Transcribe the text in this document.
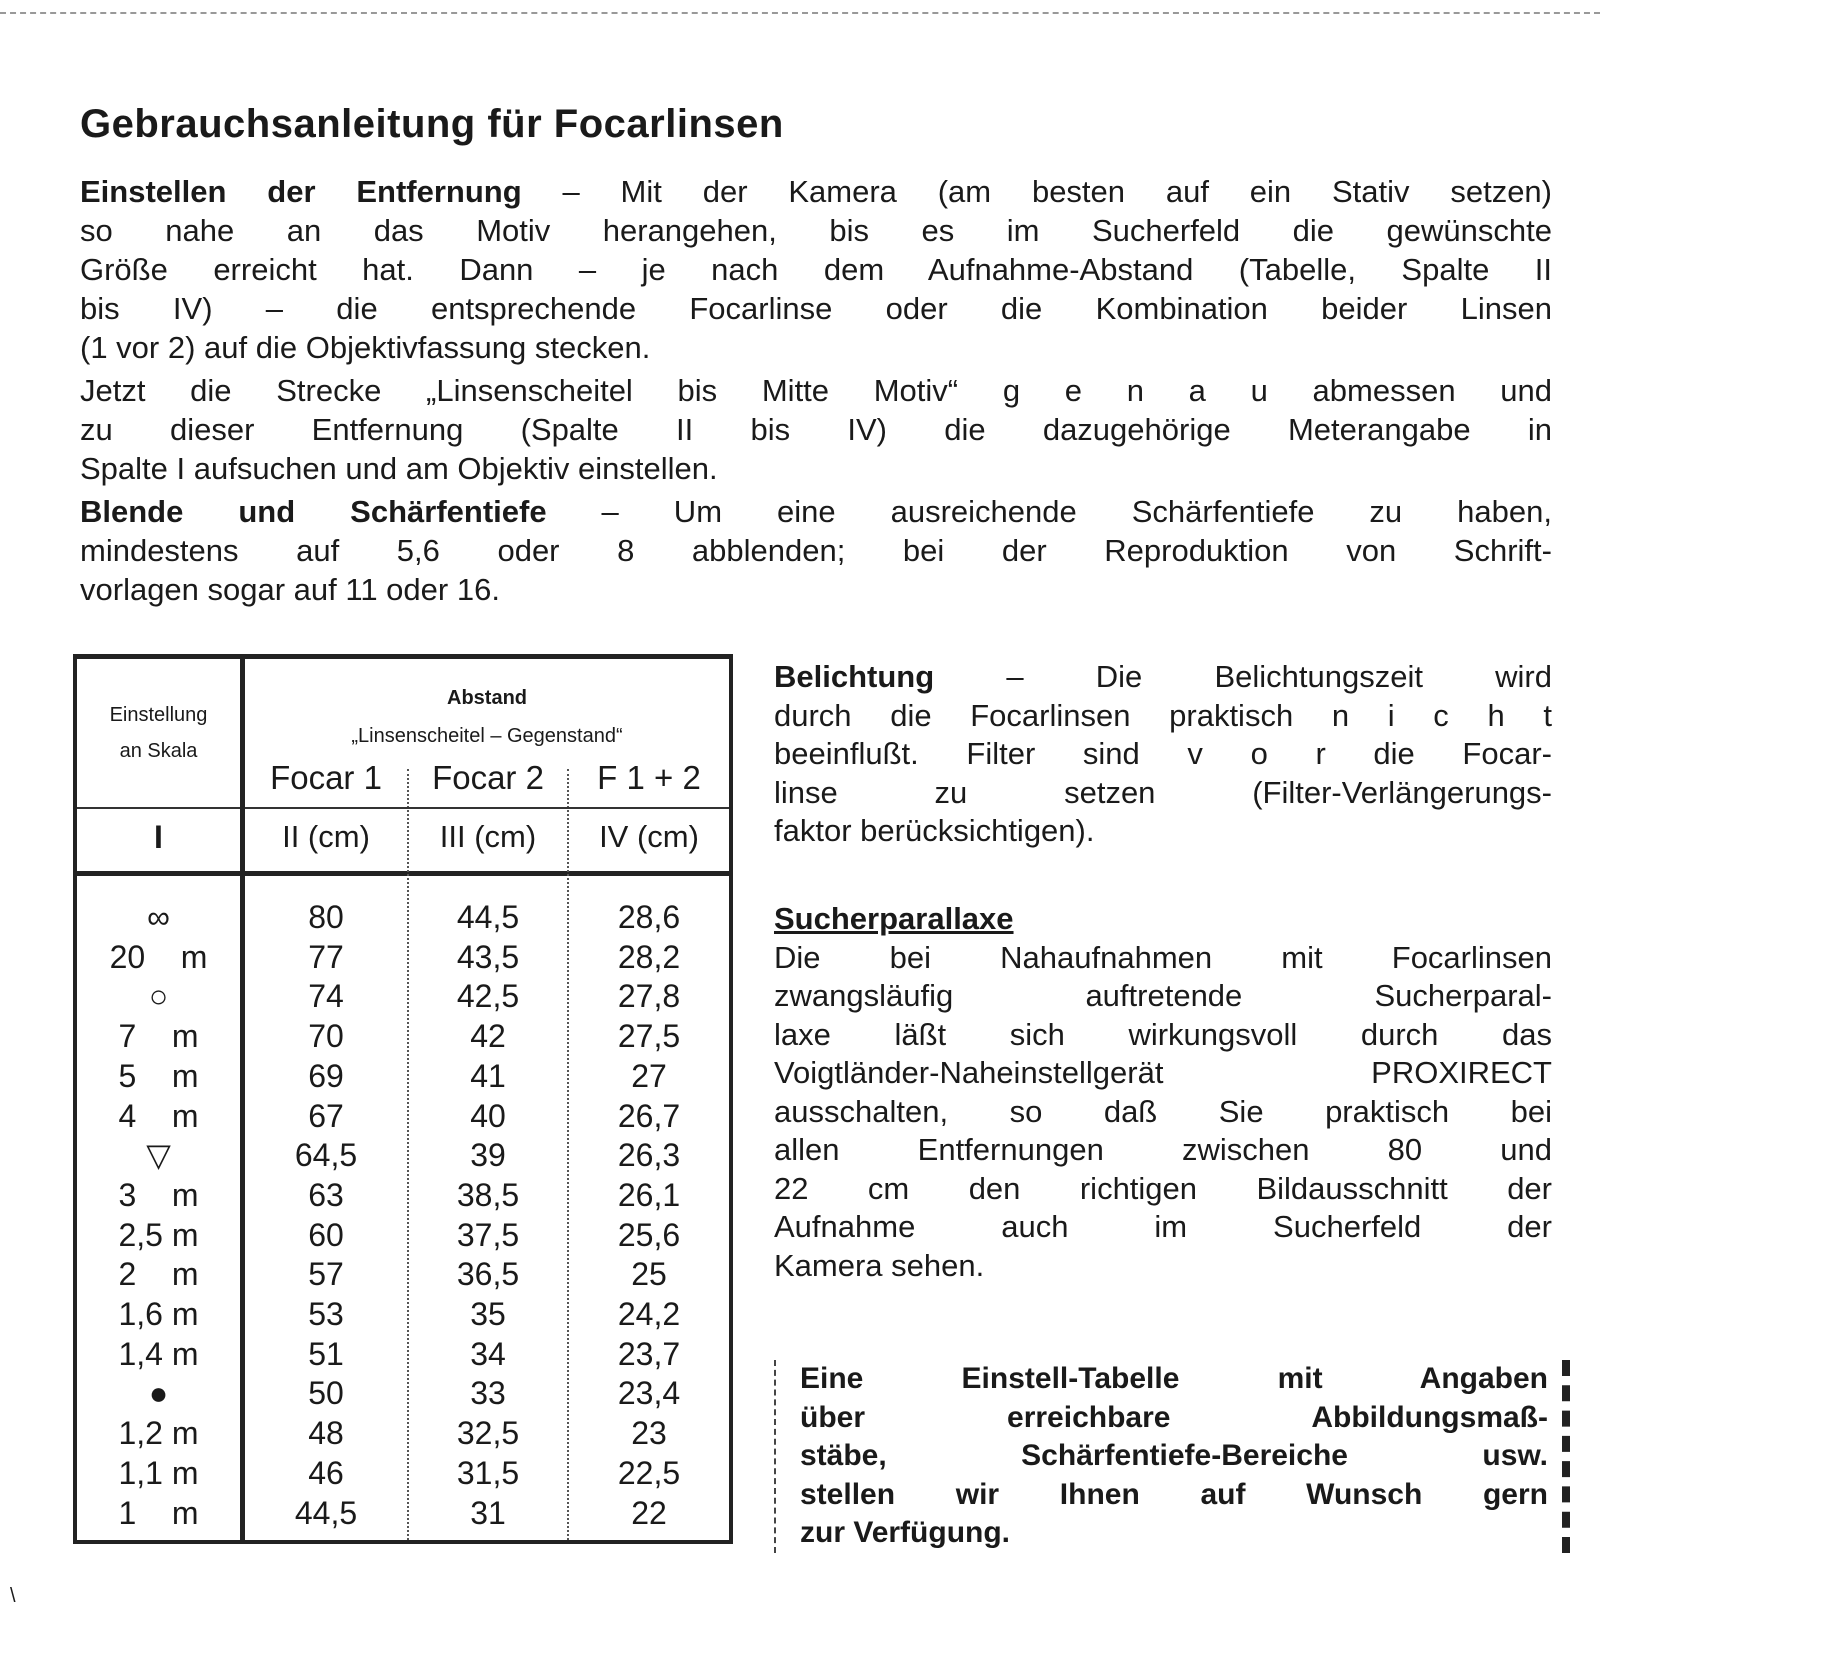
Gebrauchsanleitung für Focarlinsen
Einstellen der Entfernung – Mit der Kamera (am besten auf ein Stativ setzen)
so nahe an das Motiv herangehen, bis es im Sucherfeld die gewünschte
Größe erreicht hat. Dann – je nach dem Aufnahme-Abstand (Tabelle, Spalte II
bis IV) – die entsprechende Focarlinse oder die Kombination beider Linsen
(1 vor 2) auf die Objektivfassung stecken.
Jetzt die Strecke „Linsenscheitel bis Mitte Motiv“ g e n a u abmessen und
zu dieser Entfernung (Spalte II bis IV) die dazugehörige Meterangabe in
Spalte I aufsuchen und am Objektiv einstellen.
Blende und Schärfentiefe – Um eine ausreichende Schärfentiefe zu haben,
mindestens auf 5,6 oder 8 abblenden; bei der Reproduktion von Schrift-
vorlagen sogar auf 11 oder 16.
Einstellung
an Skala
Abstand
„Linsenscheitel – Gegenstand“
Focar 1	Focar 2	F 1 + 2
I	II (cm)	III (cm)	IV (cm)
∞	80	44,5	28,6
20    m	77	43,5	28,2
○	74	42,5	27,8
7    m	70	42	27,5
5    m	69	41	27
4    m	67	40	26,7
▽	64,5	39	26,3
3    m	63	38,5	26,1
2,5 m	60	37,5	25,6
2    m	57	36,5	25
1,6 m	53	35	24,2
1,4 m	51	34	23,7
●	50	33	23,4
1,2 m	48	32,5	23
1,1 m	46	31,5	22,5
1    m	44,5	31	22
Belichtung – Die Belichtungszeit wird
durch die Focarlinsen praktisch n i c h t
beeinflußt. Filter sind v o r die Focar-
linse zu setzen (Filter-Verlängerungs-
faktor berücksichtigen).
Sucherparallaxe
Die bei Nahaufnahmen mit Focarlinsen
zwangsläufig auftretende Sucherparal-
laxe läßt sich wirkungsvoll durch das
Voigtländer-Naheinstellgerät PROXIRECT
ausschalten, so daß Sie praktisch bei
allen Entfernungen zwischen 80 und
22 cm den richtigen Bildausschnitt der
Aufnahme auch im Sucherfeld der
Kamera sehen.
Eine Einstell-Tabelle mit Angaben
über erreichbare Abbildungsmaß-
stäbe, Schärfentiefe-Bereiche usw.
stellen wir Ihnen auf Wunsch gern
zur Verfügung.
\
